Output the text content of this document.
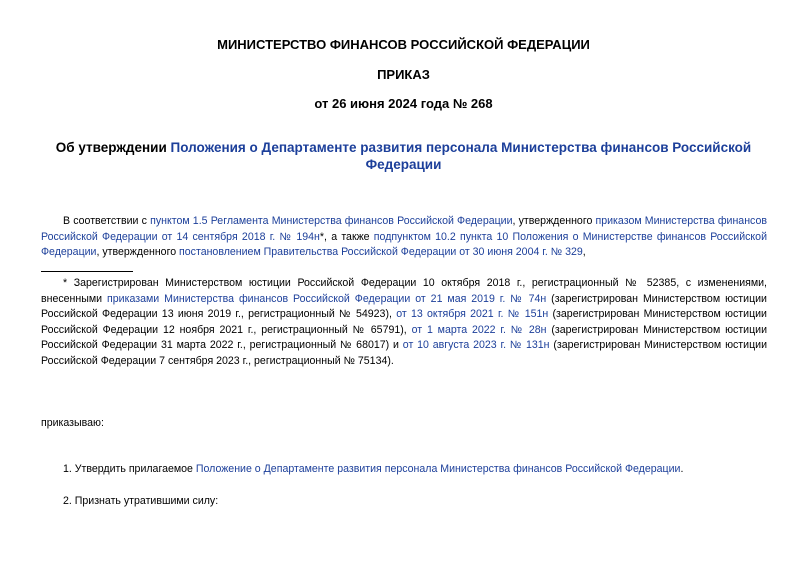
МИНИСТЕРСТВО ФИНАНСОВ РОССИЙСКОЙ ФЕДЕРАЦИИ
ПРИКАЗ
от 26 июня 2024 года № 268
Об утверждении Положения о Департаменте развития персонала Министерства финансов Российской Федерации
В соответствии с пунктом 1.5 Регламента Министерства финансов Российской Федерации, утвержденного приказом Министерства финансов Российской Федерации от 14 сентября 2018 г. № 194н*, а также подпунктом 10.2 пункта 10 Положения о Министерстве финансов Российской Федерации, утвержденного постановлением Правительства Российской Федерации от 30 июня 2004 г. № 329,
* Зарегистрирован Министерством юстиции Российской Федерации 10 октября 2018 г., регистрационный № 52385, с изменениями, внесенными приказами Министерства финансов Российской Федерации от 21 мая 2019 г. № 74н (зарегистрирован Министерством юстиции Российской Федерации 13 июня 2019 г., регистрационный № 54923), от 13 октября 2021 г. № 151н (зарегистрирован Министерством юстиции Российской Федерации 12 ноября 2021 г., регистрационный № 65791), от 1 марта 2022 г. № 28н (зарегистрирован Министерством юстиции Российской Федерации 31 марта 2022 г., регистрационный № 68017) и от 10 августа 2023 г. № 131н (зарегистрирован Министерством юстиции Российской Федерации 7 сентября 2023 г., регистрационный № 75134).
приказываю:
1. Утвердить прилагаемое Положение о Департаменте развития персонала Министерства финансов Российской Федерации.
2. Признать утратившими силу:
